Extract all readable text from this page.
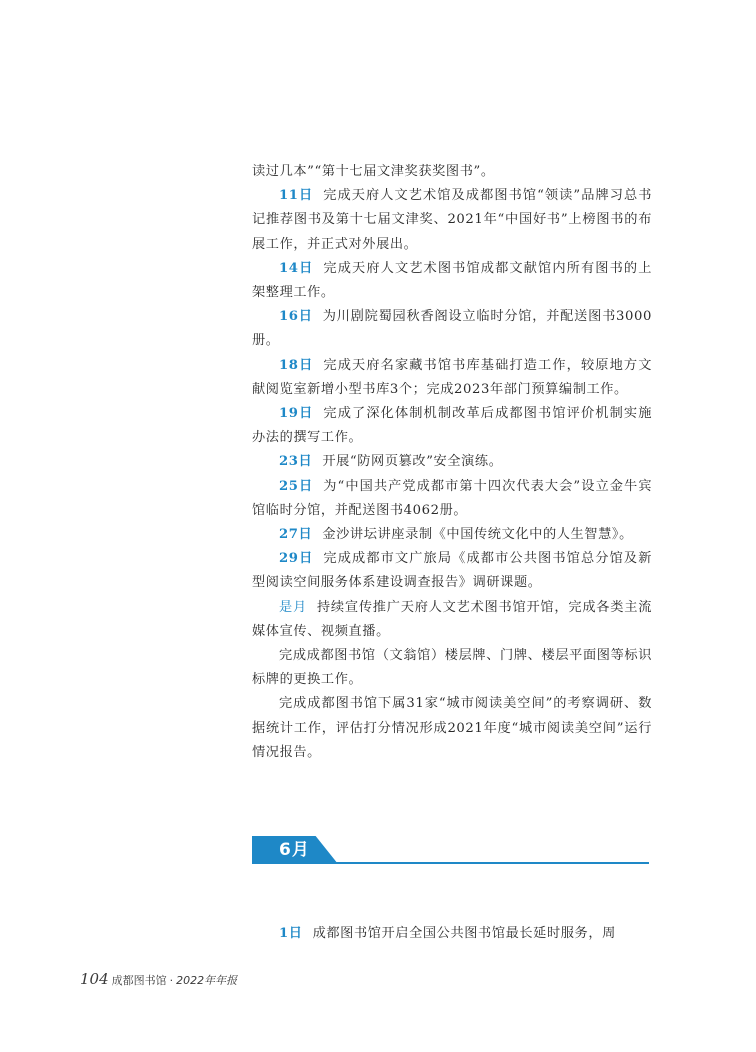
读过几本”“第十七届文津奖获奖图书”。

11日 完成天府人文艺术馆及成都图书馆“领读”品牌习总书记推荐图书及第十七届文津奖、2021年“中国好书”上榜图书的布展工作，并正式对外展出。

14日 完成天府人文艺术图书馆成都文献馆内所有图书的上架整理工作。

16日 为川剧院蜀园秋香阁设立临时分馆，并配送图书3000册。

18日 完成天府名家藏书馆书库基础打造工作，较原地方文献阅览室新增小型书库3个；完成2023年部门预算编制工作。

19日 完成了深化体制机制改革后成都图书馆评价机制实施办法的撰写工作。

23日 开展“防网页篡改”安全演练。

25日 为“中国共产党成都市第十四次代表大会”设立金牛宾馆临时分馆，并配送图书4062册。

27日 金沙讲坛讲座录制《中国传统文化中的人生智慧》。

29日 完成成都市文广旅局《成都市公共图书馆总分馆及新型阅读空间服务体系建设调查报告》调研课题。

是月 持续宣传推广天府人文艺术图书馆开馆，完成各类主流媒体宣传、视频直播。

完成成都图书馆（文翁馆）楼层牌、门牌、楼层平面图等标识标牌的更换工作。

完成成都图书馆下属31家“城市阅读美空间”的考察调研、数据统计工作，评估打分情况形成2021年度“城市阅读美空间”运行情况报告。

6月

1日 成都图书馆开启全国公共图书馆最长延时服务，周

104 成都图书馆 · 2022年年报
